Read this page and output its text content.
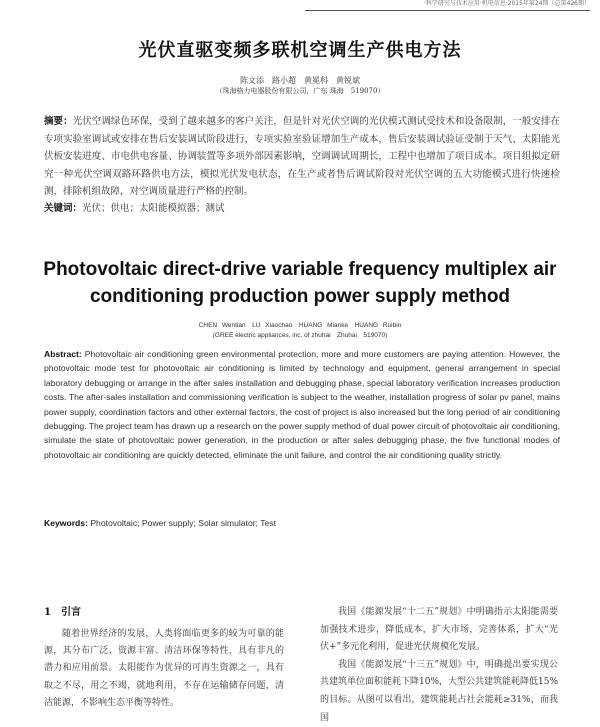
·科学研究与技术应用·机电信息·2015年第24期（总第426期）
光伏直驱变频多联机空调生产供电方法
陈文添　路小超　黄冕科　黄锐斌
（珠海格力电器股份有限公司，广东 珠海　519070）
摘要：光伏空调绿色环保，受到了越来越多的客户关注，但是针对光伏空调的光伏模式测试受技术和设备限制，一般安排在专项实验室调试或安排在售后安装调试阶段进行，专项实验室验证增加生产成本，售后安装调试验证受制于天气、太阳能光伏板安装进度、市电供电容量、协调装置等多项外部因素影响，空调调试周期长，工程中也增加了项目成本。项目组拟定研究一种光伏空调双路环路供电方法，模拟光伏发电状态，在生产或者售后调试阶段对光伏空调的五大功能模式进行快速检测，排除机组故障，对空调质量进行严格的控制。
关键词：光伏；供电；太阳能模拟器；测试
Photovoltaic direct-drive variable frequency multiplex air conditioning production power supply method
CHEN Wentian　LU Xiaochao　HUANG Mianke　HUANG Ruibin
(GREE electric appliances, inc. of zhuhai　Zhuhai　519070)
Abstract: Photovoltaic air conditioning green environmental protection, more and more customers are paying attention. However, the photovoltaic mode test for photovoltaic air conditioning is limited by technology and equipment, general arrangement in special laboratory debugging or arrange in the after sales installation and debugging phase, special laboratory verification increases production costs. The after-sales installation and commissioning verification is subject to the weather, installation progress of solar pv panel, mains power supply, coordination factors and other external factors, the cost of project is also increased but the long period of air conditioning debugging. The project team has drawn up a research on the power supply method of dual power circuit of photovoltaic air conditioning, simulate the state of photovoltaic power generation, in the production or after sales debugging phase, the five functional modes of photovoltaic air conditioning are quickly detected, eliminate the unit failure, and control the air conditioning quality strictly.
Keywords: Photovoltaic; Power supply; Solar simulator; Test
1　引言

随着世界经济的发展，人类将面临更多的较为可靠的能源，其分布广泛、资源丰富、清洁环保等特性，具有非凡的潜力和应用前景。太阳能作为优异的可再生资源之一，具有取之不尽，用之不竭，就地利用，不存在运输储存问题，清洁能源，不影响生态平衡等特性。

我国《能源发展“十二五”规划》中明确指示太阳能需要加强技术进步，降低成本，扩大市场，完善体系，扩大“光伏+”多元化利用，促进光伏规模化发展。

我国《能源发展“十三五”规划》中，明确提出要实现公共建筑单位面积能耗下降10%，大型公共建筑能耗降低15%的目标。从图可以看出，建筑能耗占社会能耗≥31%，而我国
